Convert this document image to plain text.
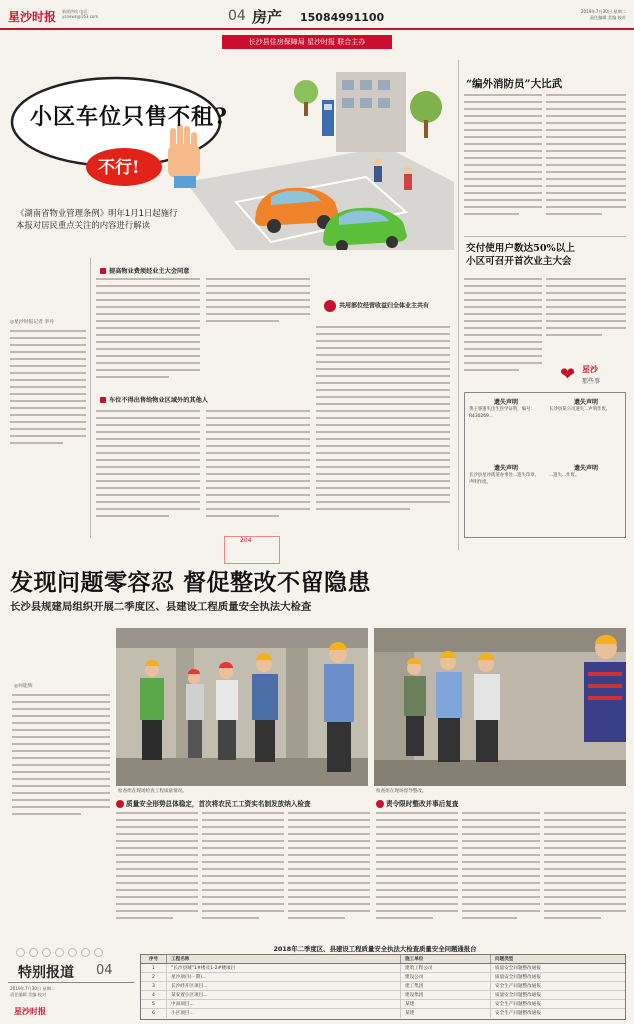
星沙时报 新闻热线 电话：
ysnews@163.com	04 房产 15084991100	2019年7月30日 星期二
责任编辑 美编 校对
长沙县住房保障局 星沙时报 联合主办
小区车位只售不租?
不行!
《湖南省物业管理条例》明年1月1日起施行
本报对居民重点关注的内容进行解读
◎星沙时报记者 李丹
提高物业费须经业主大会同意
车位不得出售给物业区域外的其他人
共用部位经营收益归全体业主共有
204
“编外消防员”大比武
交付使用户数达50%以上
小区可召开首次业主大会
❤ 星沙
那些事
遗失声明
黄子睿遗失出生医学证明，编号：R430269...
遗失声明
长沙县星沙街道办事处...遗失印章，声明作废。
遗失声明
长沙县某公司遗失...声明作废。
遗失声明
...遗失...作废。
发现问题零容忍 督促整改不留隐患
长沙县规建局组织开展二季度区、县建设工程质量安全执法大检查
◎何能辉
检查组在现场检查工程质量情况。	检查组在现场督导整改。
质量安全形势总体稳定，首次将农民工工资实名制发放纳入检查	责令限时整改并事后复查
2018年二季度区、县建设工程质量安全执法大检查质量安全问题通报台
序号	工程名称	施工单位	问题类型
1	“长沙县城”1#楼及1-2#楼项目	建筑工程公司	质量安全问题整改通报
2	星沙项目(一期)...	建设公司	质量安全问题整改通报
3	长沙经开区项目...	建工集团	安全生产问题整改通报
4	某安置小区项目...	建设集团	质量安全问题整改通报
5	中南项目...	某建	安全生产问题整改通报
6	小区项目...	某建	安全生产问题整改通报
特别报道 04
2019年7月30日 星期二
责任编辑 美编 校对
星沙时报
